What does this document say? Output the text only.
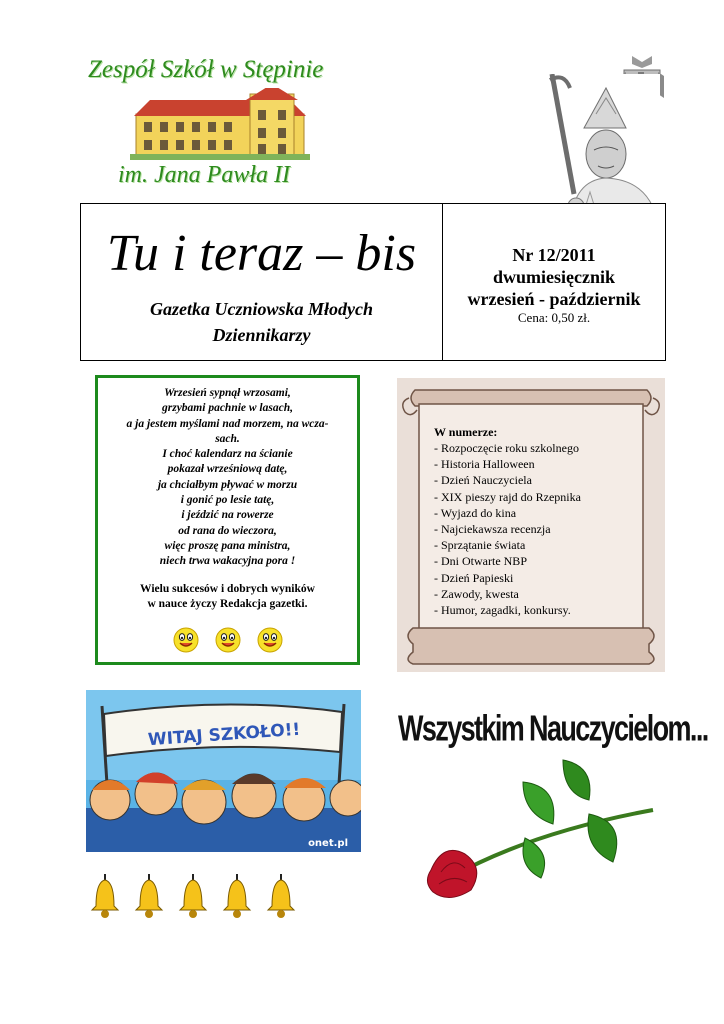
Zespół Szkół w Stępinie
im. Jana Pawła II
Tu i teraz – bis
Gazetka Uczniowska Młodych
Dziennikarzy
Nr 12/2011
dwumiesięcznik
wrzesień - październik
Cena: 0,50 zł.
Wrzesień sypnął wrzosami,
grzybami pachnie w lasach,
a ja jestem myślami nad morzem, na wcza-
sach.
I choć kalendarz na ścianie
pokazał wrześniową datę,
ja chciałbym pływać w morzu
i gonić po lesie tatę,
i jeździć na rowerze
od rana do wieczora,
więc proszę pana ministra,
niech trwa wakacyjna pora !
Wielu sukcesów i dobrych wyników
w nauce życzy Redakcja gazetki.
W numerze:
- Rozpoczęcie roku szkolnego
- Historia Halloween
- Dzień Nauczyciela
- XIX pieszy rajd do Rzepnika
- Wyjazd do kina
- Najciekawsza recenzja
- Sprzątanie świata
- Dni Otwarte NBP
- Dzień Papieski
- Zawody, kwesta
- Humor, zagadki, konkursy.
WITAJ SZKOŁO!!
onet.pl
Wszystkim Nauczycielom...
